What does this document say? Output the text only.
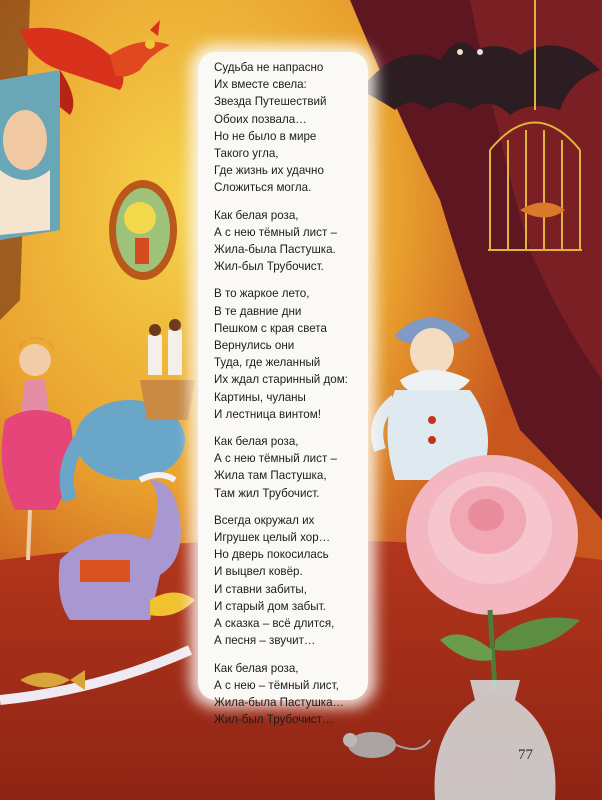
Судьба не напрасно
Их вместе свела:
Звезда Путешествий
Обоих позвала…
Но не было в мире
Такого угла,
Где жизнь их удачно
Сложиться могла.
Как белая роза,
А с нею тёмный лист –
Жила-была Пастушка.
Жил-был Трубочист.
В то жаркое лето,
В те давние дни
Пешком с края света
Вернулись они
Туда, где желанный
Их ждал старинный дом:
Картины, чуланы
И лестница винтом!
Как белая роза,
А с нею тёмный лист –
Жила там Пастушка,
Там жил Трубочист.
Всегда окружал их
Игрушек целый хор…
Но дверь покосилась
И выцвел ковёр.
И ставни забиты,
И старый дом забыт.
А сказка – всё длится,
А песня – звучит…
Как белая роза,
А с нею – тёмный лист,
Жила-была Пастушка…
Жил-был Трубочист…
77
